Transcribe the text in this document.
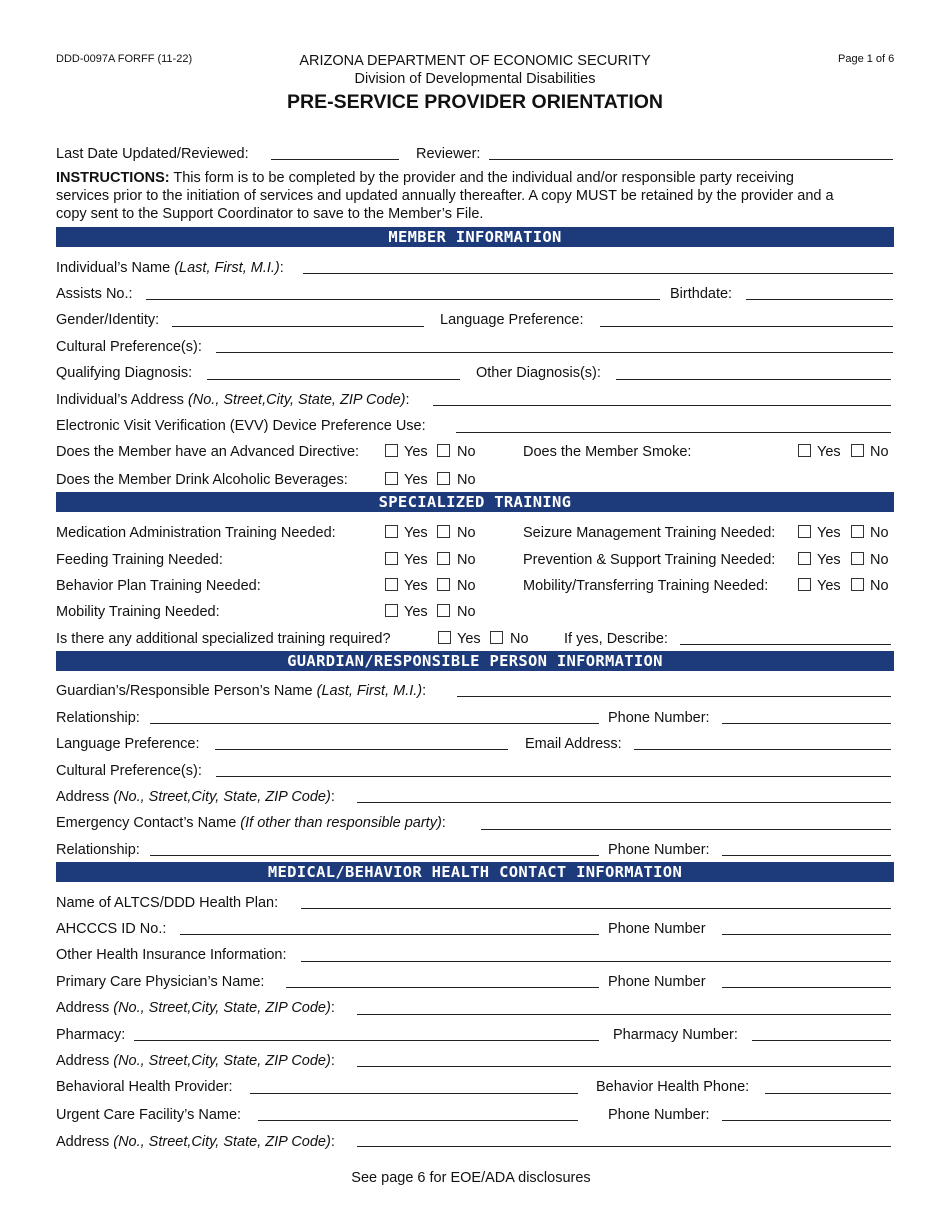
DDD-0097A FORFF (11-22)	ARIZONA DEPARTMENT OF ECONOMIC SECURITY
Division of Developmental Disabilities
PRE-SERVICE PROVIDER ORIENTATION
Page 1 of 6
Last Date Updated/Reviewed:	Reviewer:
INSTRUCTIONS: This form is to be completed by the provider and the individual and/or responsible party receiving
services prior to the initiation of services and updated annually thereafter. A copy MUST be retained by the provider and a
copy sent to the Support Coordinator to save to the Member’s File.
MEMBER INFORMATION
Individual’s Name (Last, First, M.I.):
Assists No.:	Birthdate:
Gender/Identity:	Language Preference:
Cultural Preference(s):
Qualifying Diagnosis:	Other Diagnosis(s):
Individual’s Address (No., Street,City, State, ZIP Code):
Electronic Visit Verification (EVV) Device Preference Use:
Does the Member have an Advanced Directive:	Yes No	Does the Member Smoke:	Yes No
Does the Member Drink Alcoholic Beverages:	Yes No
SPECIALIZED TRAINING
Medication Administration Training Needed:	Yes No	Seizure Management Training Needed:	Yes No
Feeding Training Needed:	Yes No	Prevention & Support Training Needed:	Yes No
Behavior Plan Training Needed:	Yes No	Mobility/Transferring Training Needed:	Yes No
Mobility Training Needed:	Yes No
Is there any additional specialized training required?	Yes No If yes, Describe:
GUARDIAN/RESPONSIBLE PERSON INFORMATION
Guardian’s/Responsible Person’s Name (Last, First, M.I.):
Relationship:	Phone Number:
Language Preference:	Email Address:
Cultural Preference(s):
Address (No., Street,City, State, ZIP Code):
Emergency Contact’s Name (If other than responsible party):
Relationship:	Phone Number:
MEDICAL/BEHAVIOR HEALTH CONTACT INFORMATION
Name of ALTCS/DDD Health Plan:
AHCCCS ID No.:	Phone Number
Other Health Insurance Information:
Primary Care Physician’s Name:	Phone Number
Address (No., Street,City, State, ZIP Code):
Pharmacy:	Pharmacy Number:
Address (No., Street,City, State, ZIP Code):
Behavioral Health Provider:	Behavior Health Phone:
Urgent Care Facility’s Name:	Phone Number:
Address (No., Street,City, State, ZIP Code):
See page 6 for EOE/ADA disclosures
